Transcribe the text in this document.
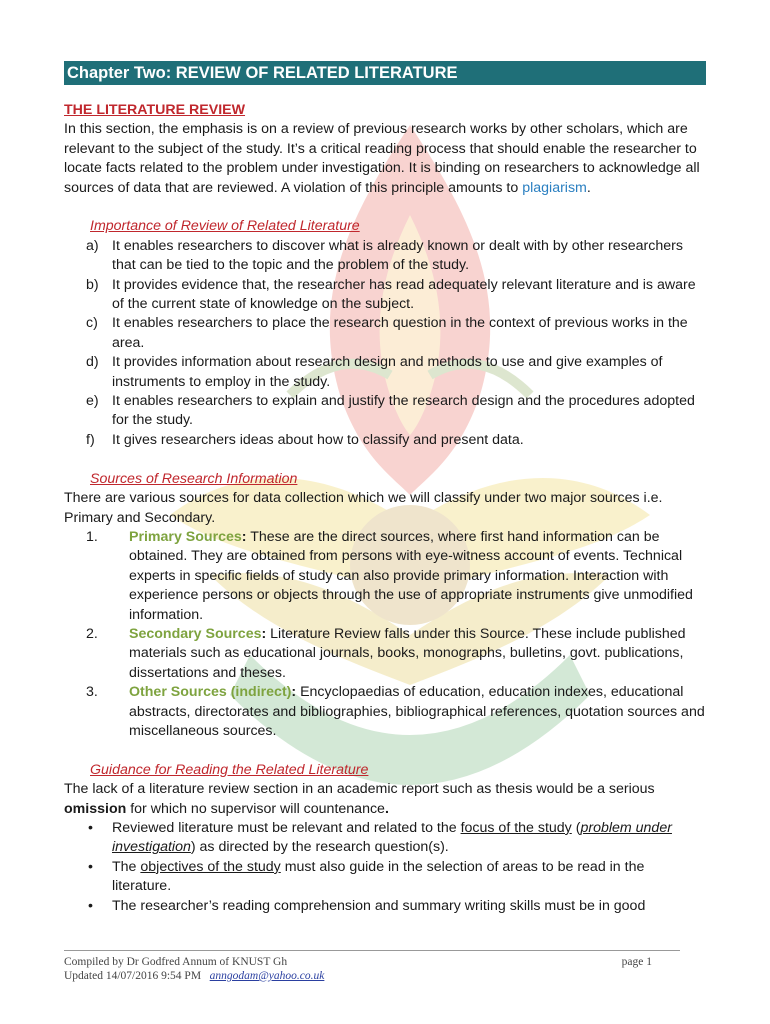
Chapter Two: REVIEW OF RELATED LITERATURE

THE LITERATURE REVIEW

In this section, the emphasis is on a review of previous research works by other scholars, which are relevant to the subject of the study. It’s a critical reading process that should enable the researcher to locate facts related to the problem under investigation. It is binding on researchers to acknowledge all sources of data that are reviewed. A violation of this principle amounts to plagiarism.

Importance of Review of Related Literature

a) It enables researchers to discover what is already known or dealt with by other researchers that can be tied to the topic and the problem of the study.
b) It provides evidence that, the researcher has read adequately relevant literature and is aware of the current state of knowledge on the subject.
c) It enables researchers to place the research question in the context of previous works in the area.
d) It provides information about research design and methods to use and give examples of instruments to employ in the study.
e) It enables researchers to explain and justify the research design and the procedures adopted for the study.
f) It gives researchers ideas about how to classify and present data.

Sources of Research Information

There are various sources for data collection which we will classify under two major sources i.e. Primary and Secondary.

1. Primary Sources: These are the direct sources, where first hand information can be obtained. They are obtained from persons with eye-witness account of events. Technical experts in specific fields of study can also provide primary information. Interaction with experience persons or objects through the use of appropriate instruments give unmodified information.
2. Secondary Sources: Literature Review falls under this Source. These include published materials such as educational journals, books, monographs, bulletins, govt. publications, dissertations and theses.
3. Other Sources (indirect): Encyclopaedias of education, education indexes, educational abstracts, directorates and bibliographies, bibliographical references, quotation sources and miscellaneous sources.

Guidance for Reading the Related Literature

The lack of a literature review section in an academic report such as thesis would be a serious omission for which no supervisor will countenance.

• Reviewed literature must be relevant and related to the focus of the study (problem under investigation) as directed by the research question(s).
• The objectives of the study must also guide in the selection of areas to be read in the literature.
• The researcher’s reading comprehension and summary writing skills must be in good
Compiled by Dr Godfred Annum of KNUST Gh
Updated 14/07/2016 9:54 PM anngodam@yahoo.co.uk
page 1
